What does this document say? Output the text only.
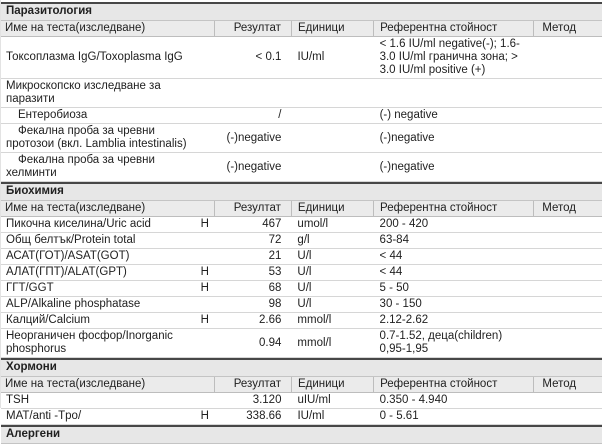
Паразитология					
Име на теста(изследване)		Резултат	Единици	Референтна стойност	Метод
Токсоплазма IgG/Toxoplasma IgG		< 0.1	IU/ml	< 1.6 IU/ml negative(-); 1.6-3.0 IU/ml гранична зона; > 3.0 IU/ml positive (+)	
Микроскопско изследване за паразити					
Ентеробиоза		/		(-) negative	
Фекална проба за чревни протозои (вкл. Lamblia intestinalis)		(-)negative		(-)negative	
Фекална проба за чревни хелминти		(-)negative		(-)negative	
Биохимия					
Име на теста(изследване)		Резултат	Единици	Референтна стойност	Метод
Пикочна киселина/Uric acid	H	467	umol/l	200 - 420	
Общ белтък/Protein total		72	g/l	63-84	
АСАТ(ГОТ)/ASAT(GOT)		21	U/l	< 44	
АЛАТ(ГПТ)/ALAT(GPT)	H	53	U/l	< 44	
ГГТ/GGT	H	68	U/l	5 - 50	
ALP/Alkaline phosphatase		98	U/l	30 - 150	
Калций/Calcium	H	2.66	mmol/l	2.12-2.62	
Неорганичен фосфор/Inorganic phosphorus		0.94	mmol/l	0.7-1.52, деца(children) 0,95-1,95	
Хормони					
Име на теста(изследване)		Резултат	Единици	Референтна стойност	Метод
TSH		3.120	uIU/ml	0.350 - 4.940	
МАТ/anti -Tpo/	H	338.66	IU/ml	0 - 5.61	
Алергени
